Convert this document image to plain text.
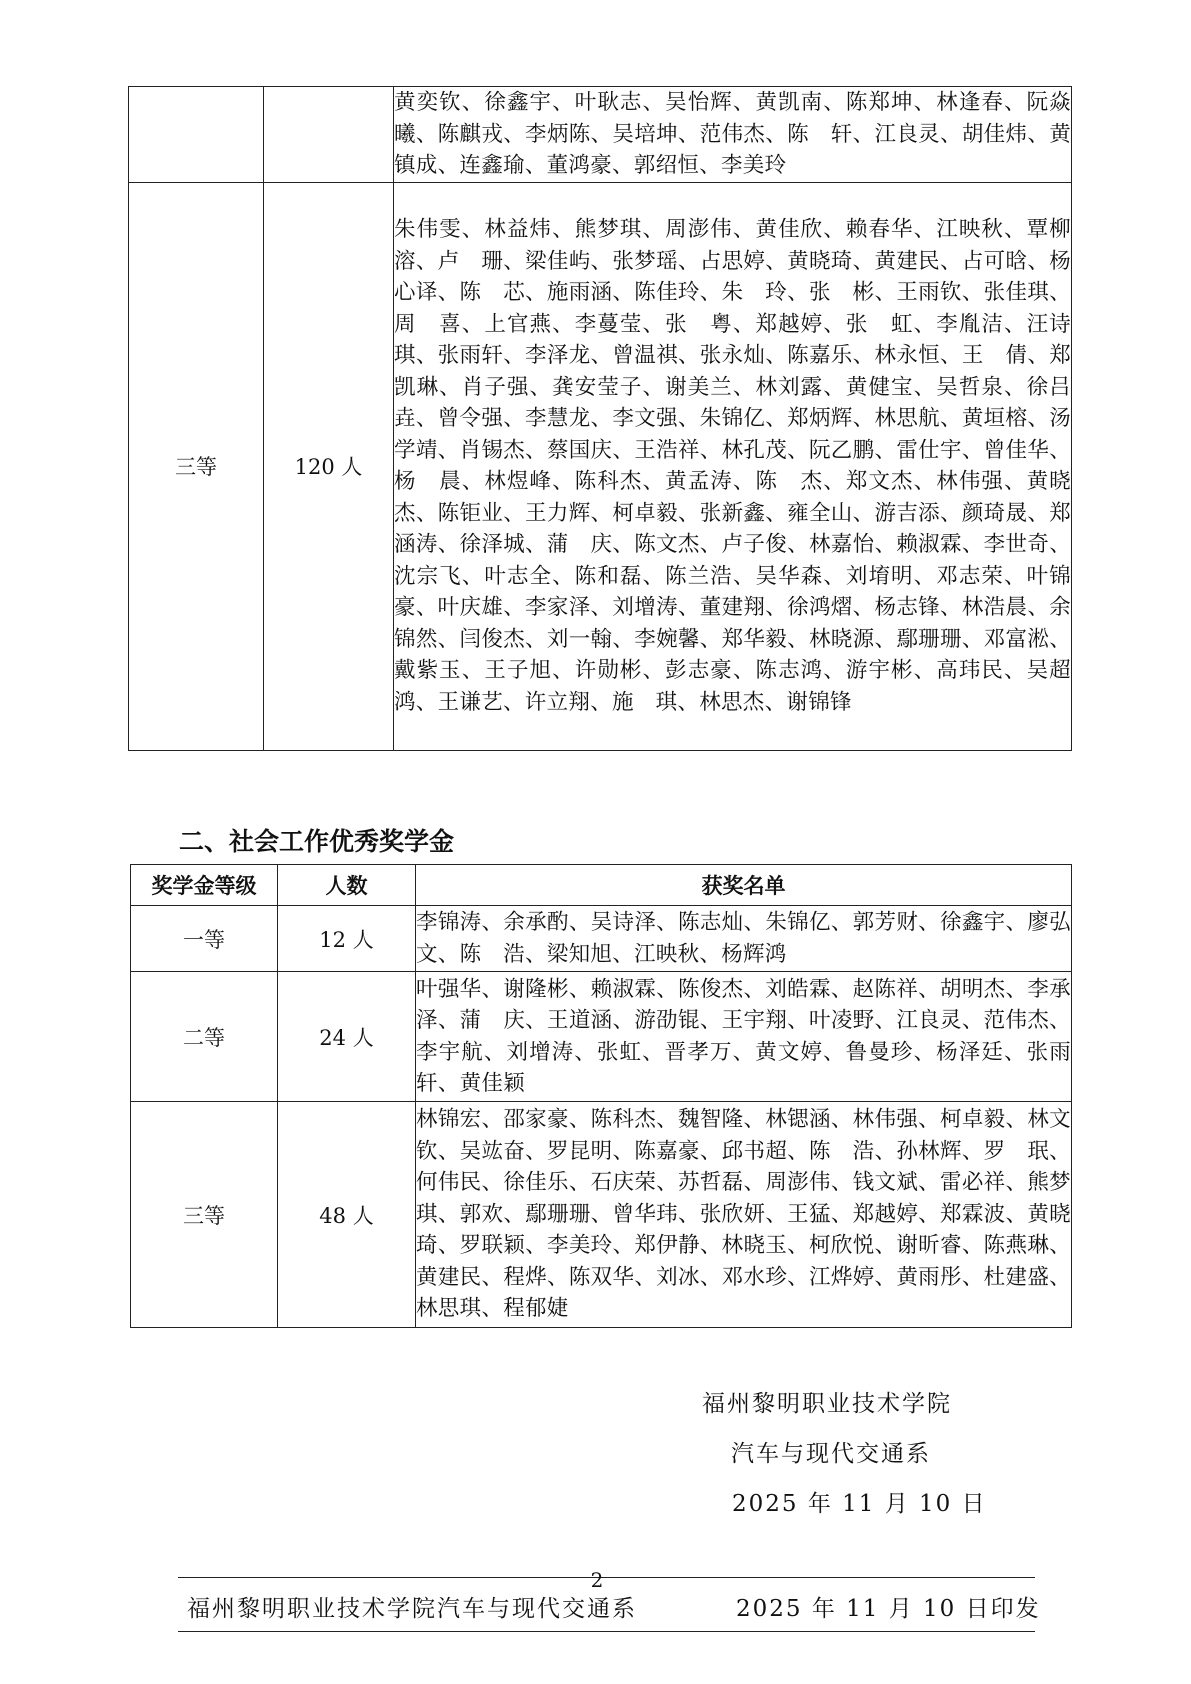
		黄奕钦、徐鑫宇、叶耿志、吴怡辉、黄凯南、陈郑坤、林逢春、阮焱曦、陈麒戎、李炳陈、吴培坤、范伟杰、陈　轩、江良灵、胡佳炜、黄镇成、连鑫瑜、董鸿豪、郭绍恒、李美玲
三等	120 人	朱伟雯、林益炜、熊梦琪、周澎伟、黄佳欣、赖春华、江映秋、覃柳溶、卢　珊、梁佳屿、张梦瑶、占思婷、黄晓琦、黄建民、占可晗、杨心译、陈　芯、施雨涵、陈佳玲、朱　玲、张　彬、王雨钦、张佳琪、周　喜、上官燕、李蔓莹、张　粤、郑越婷、张　虹、李胤洁、汪诗琪、张雨轩、李泽龙、曾温祺、张永灿、陈嘉乐、林永恒、王　倩、郑凯琳、肖子强、龚安莹子、谢美兰、林刘露、黄健宝、吴哲泉、徐吕垚、曾令强、李慧龙、李文强、朱锦亿、郑炳辉、林思航、黄垣榕、汤学靖、肖锡杰、蔡国庆、王浩祥、林孔茂、阮乙鹏、雷仕宇、曾佳华、杨　晨、林煜峰、陈科杰、黄孟涛、陈　杰、郑文杰、林伟强、黄晓杰、陈钜业、王力辉、柯卓毅、张新鑫、雍全山、游吉添、颜琦晟、郑涵涛、徐泽城、蒲　庆、陈文杰、卢子俊、林嘉怡、赖淑霖、李世奇、沈宗飞、叶志全、陈和磊、陈兰浩、吴华森、刘堉明、邓志荣、叶锦豪、叶庆雄、李家泽、刘增涛、董建翔、徐鸿熠、杨志锋、林浩晨、余锦然、闫俊杰、刘一翰、李婉馨、郑华毅、林晓源、鄢珊珊、邓富淞、戴紫玉、王子旭、许勋彬、彭志豪、陈志鸿、游宇彬、高玮民、吴超鸿、王谦艺、许立翔、施　琪、林思杰、谢锦锋
二、社会工作优秀奖学金
奖学金等级	人数	获奖名单
一等	12 人	李锦涛、余承酌、吴诗泽、陈志灿、朱锦亿、郭芳财、徐鑫宇、廖弘文、陈　浩、梁知旭、江映秋、杨辉鸿
二等	24 人	叶强华、谢隆彬、赖淑霖、陈俊杰、刘皓霖、赵陈祥、胡明杰、李承泽、蒲　庆、王道涵、游劭锟、王宇翔、叶凌野、江良灵、范伟杰、李宇航、刘增涛、张虹、晋孝万、黄文婷、鲁曼珍、杨泽廷、张雨轩、黄佳颖
三等	48 人	林锦宏、邵家豪、陈科杰、魏智隆、林锶涵、林伟强、柯卓毅、林文钦、吴竑奋、罗昆明、陈嘉豪、邱书超、陈　浩、孙林辉、罗　珉、何伟民、徐佳乐、石庆荣、苏哲磊、周澎伟、钱文斌、雷必祥、熊梦琪、郭欢、鄢珊珊、曾华玮、张欣妍、王猛、郑越婷、郑霖波、黄晓琦、罗联颖、李美玲、郑伊静、林晓玉、柯欣悦、谢昕睿、陈燕琳、黄建民、程烨、陈双华、刘冰、邓水珍、江烨婷、黄雨彤、杜建盛、林思琪、程郁婕
福州黎明职业技术学院
汽车与现代交通系
2025 年 11 月 10 日
2
福州黎明职业技术学院汽车与现代交通系	2025 年 11 月 10 日印发
